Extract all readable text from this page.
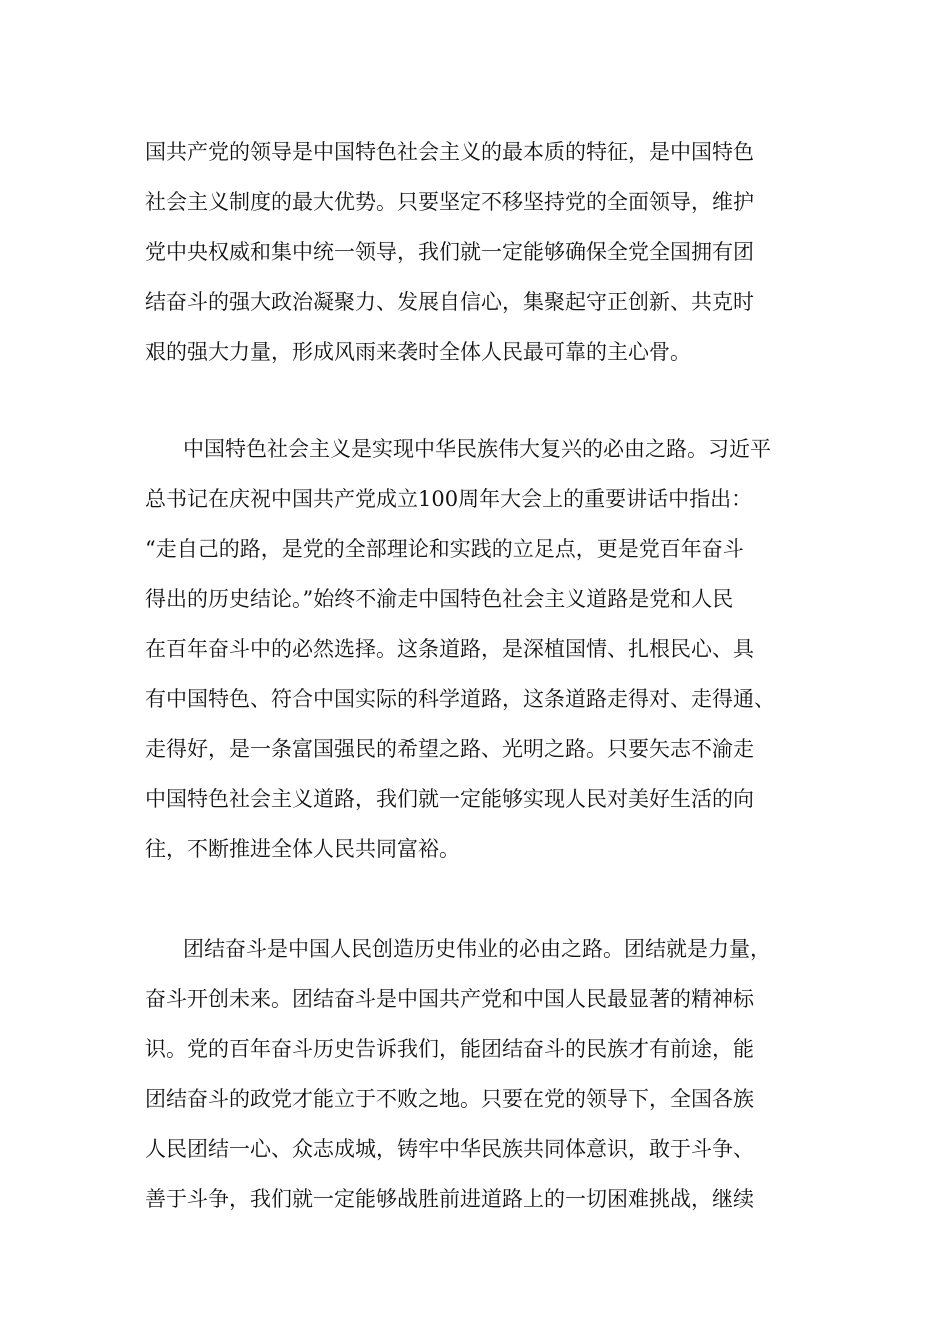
国共产党的领导是中国特色社会主义的最本质的特征，是中国特色
社会主义制度的最大优势。只要坚定不移坚持党的全面领导，维护
党中央权威和集中统一领导，我们就一定能够确保全党全国拥有团
结奋斗的强大政治凝聚力、发展自信心，集聚起守正创新、共克时
艰的强大力量，形成风雨来袭时全体人民最可靠的主心骨。
中国特色社会主义是实现中华民族伟大复兴的必由之路。习近平
总书记在庆祝中国共产党成立100周年大会上的重要讲话中指出：
“走自己的路，是党的全部理论和实践的立足点，更是党百年奋斗
得出的历史结论。”始终不渝走中国特色社会主义道路是党和人民
在百年奋斗中的必然选择。这条道路，是深植国情、扎根民心、具
有中国特色、符合中国实际的科学道路，这条道路走得对、走得通、
走得好，是一条富国强民的希望之路、光明之路。只要矢志不渝走
中国特色社会主义道路，我们就一定能够实现人民对美好生活的向
往，不断推进全体人民共同富裕。
团结奋斗是中国人民创造历史伟业的必由之路。团结就是力量，
奋斗开创未来。团结奋斗是中国共产党和中国人民最显著的精神标
识。党的百年奋斗历史告诉我们，能团结奋斗的民族才有前途，能
团结奋斗的政党才能立于不败之地。只要在党的领导下，全国各族
人民团结一心、众志成城，铸牢中华民族共同体意识，敢于斗争、
善于斗争，我们就一定能够战胜前进道路上的一切困难挑战，继续
